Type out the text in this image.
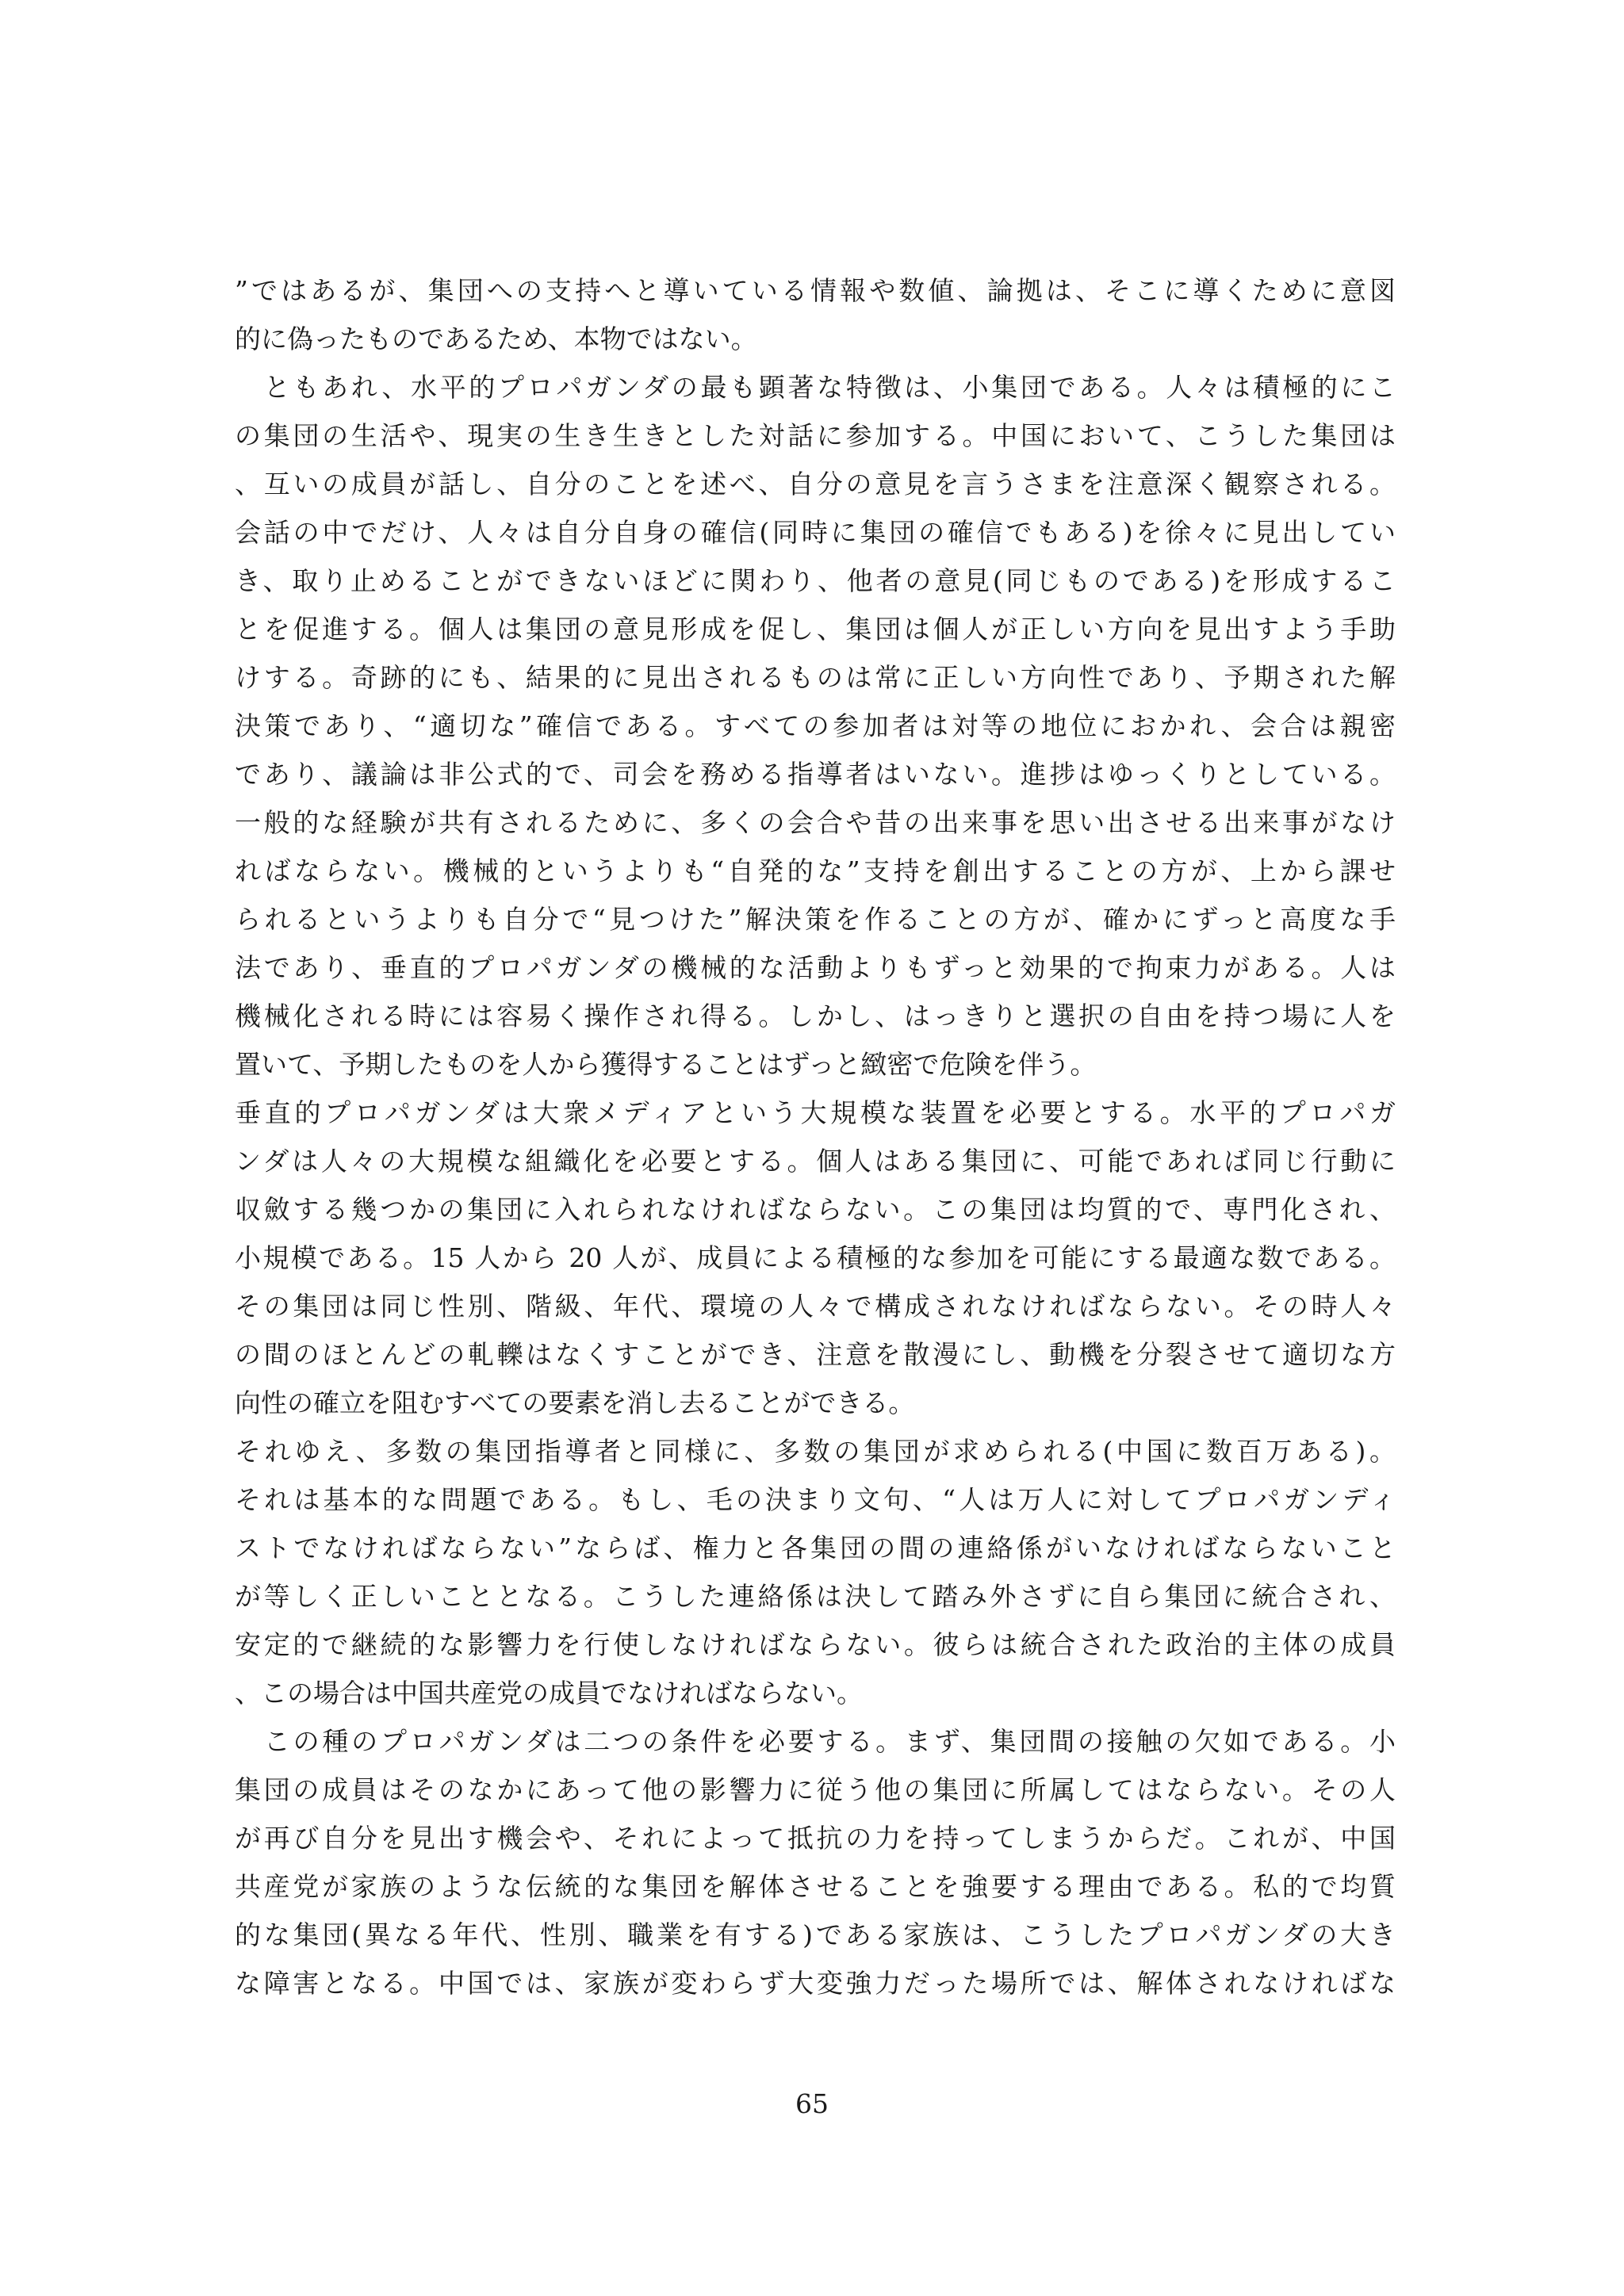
”ではあるが、集団への支持へと導いている情報や数値、論拠は、そこに導くために意図
的に偽ったものであるため、本物ではない。
　ともあれ、水平的プロパガンダの最も顕著な特徴は、小集団である。人々は積極的にこ
の集団の生活や、現実の生き生きとした対話に参加する。中国において、こうした集団は
、互いの成員が話し、自分のことを述べ、自分の意見を言うさまを注意深く観察される。
会話の中でだけ、人々は自分自身の確信(同時に集団の確信でもある)を徐々に見出してい
き、取り止めることができないほどに関わり、他者の意見(同じものである)を形成するこ
とを促進する。個人は集団の意見形成を促し、集団は個人が正しい方向を見出すよう手助
けする。奇跡的にも、結果的に見出されるものは常に正しい方向性であり、予期された解
決策であり、“適切な”確信である。すべての参加者は対等の地位におかれ、会合は親密
であり、議論は非公式的で、司会を務める指導者はいない。進捗はゆっくりとしている。
一般的な経験が共有されるために、多くの会合や昔の出来事を思い出させる出来事がなけ
ればならない。機械的というよりも“自発的な”支持を創出することの方が、上から課せ
られるというよりも自分で“見つけた”解決策を作ることの方が、確かにずっと高度な手
法であり、垂直的プロパガンダの機械的な活動よりもずっと効果的で拘束力がある。人は
機械化される時には容易く操作され得る。しかし、はっきりと選択の自由を持つ場に人を
置いて、予期したものを人から獲得することはずっと緻密で危険を伴う。
垂直的プロパガンダは大衆メディアという大規模な装置を必要とする。水平的プロパガ
ンダは人々の大規模な組織化を必要とする。個人はある集団に、可能であれば同じ行動に
収斂する幾つかの集団に入れられなければならない。この集団は均質的で、専門化され、
小規模である。15 人から 20 人が、成員による積極的な参加を可能にする最適な数である。
その集団は同じ性別、階級、年代、環境の人々で構成されなければならない。その時人々
の間のほとんどの軋轢はなくすことができ、注意を散漫にし、動機を分裂させて適切な方
向性の確立を阻むすべての要素を消し去ることができる。
それゆえ、多数の集団指導者と同様に、多数の集団が求められる(中国に数百万ある)。
それは基本的な問題である。もし、毛の決まり文句、“人は万人に対してプロパガンディ
ストでなければならない”ならば、権力と各集団の間の連絡係がいなければならないこと
が等しく正しいこととなる。こうした連絡係は決して踏み外さずに自ら集団に統合され、
安定的で継続的な影響力を行使しなければならない。彼らは統合された政治的主体の成員
、この場合は中国共産党の成員でなければならない。
　この種のプロパガンダは二つの条件を必要する。まず、集団間の接触の欠如である。小
集団の成員はそのなかにあって他の影響力に従う他の集団に所属してはならない。その人
が再び自分を見出す機会や、それによって抵抗の力を持ってしまうからだ。これが、中国
共産党が家族のような伝統的な集団を解体させることを強要する理由である。私的で均質
的な集団(異なる年代、性別、職業を有する)である家族は、こうしたプロパガンダの大き
な障害となる。中国では、家族が変わらず大変強力だった場所では、解体されなければな
65
